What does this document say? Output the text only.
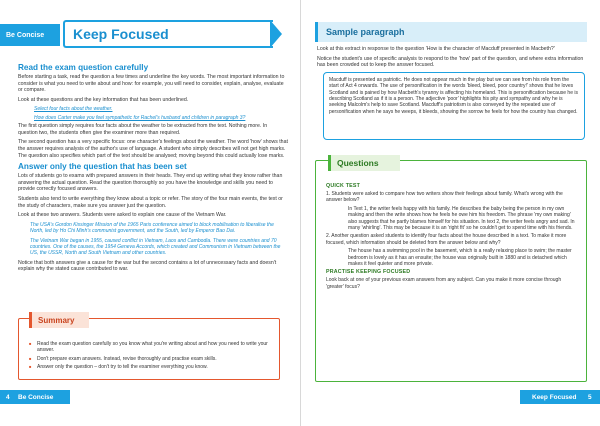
Be Concise	Keep Focused
Read the exam question carefully

Before starting a task, read the question a few times and underline the key words. The most important information to consider is what you need to write about and how: for example, you will need to consider, explain, analyse, evaluate or compare.

Look at these questions and the key information that has been underlined.

Select four facts about the weather.

How does Carter make you feel sympathetic for Rachel's husband and children in paragraph 3?

The first question simply requires four facts about the weather to be extracted from the text. Nothing more. In question two, the students often give the examiner more than required.

The second question has a very specific focus: one character's feelings about the weather. The word 'how' shows that the answer requires analysis of the author's use of language. A student who simply describes will not get high marks. The question also specifies which part of the text should be analysed; moving beyond this could actually lose marks.

Answer only the question that has been set

Lots of students go to exams with prepared answers in their heads. They end up writing what they know rather than answering the actual question. Read the question thoroughly so you have the knowledge and skills you need to provide correctly focused answers.

Students also tend to write everything they know about a topic or refer. The story of the four main events, the text or the study of characters, make sure you answer just the question.

Look at these two answers. Students were asked to explain one cause of the Vietnam War.

The USA's Gordon Kissinger Mission of the 1965 Paris conference aimed to block mobilisation to liberalise the North, led by Ho Chi Minh's communist government, and the South, led by Emperor Bao Dai.

The Vietnam War began in 1955, caused conflict in Vietnam, Laos and Cambodia. There were countries and 70 countries. One of the causes, the 1954 Geneva Accords, which created and Communism in Vietnam between the US, the USSR, North and South Vietnam and other countries.

Notice that both answers give a cause for the war but the second contains a lot of unnecessary facts and doesn't explain why the stated cause contributed to war.

Summary
■ Read the exam question carefully so you know what you're writing about and how you need to write your answer.
■ Don't prepare exam answers. Instead, revise thoroughly and practise exam skills.
■ Answer only the question – don't try to tell the examiner everything you know.
4	Be Concise
Sample paragraph

Look at this extract in response to the question 'How is the character of Macduff presented in Macbeth?'

Notice the student's use of specific analysis to respond to the 'how' part of the question, and where extra information has been crowded out to keep the answer focused.

Macduff is presented as patriotic. He does not appear much in the play but we can see from his role from the start of Act 4 onwards. The use of personification in the words 'bleed, bleed, poor country!' shows that he loves Scotland and is pained by how Macbeth's tyranny is affecting his homeland. This is personification because he is describing Scotland as if it is a person. The adjective 'poor' highlights his pity and sympathy and why he is seeking Malcolm's help to save Scotland. Macduff's patriotism is also conveyed by the repeated use of personification when he says he weeps, it bleeds, showing the sorrow he feels for how the country has changed.

Questions
QUICK TEST

1. Students were asked to compare how two writers show their feelings about family. What's wrong with the answer below?

In Text 1, the writer feels happy with his family. He describes the baby being the person in my own making and then the write shows how he feels he owe him his freedom. The phrase 'my own making' also suggests that he partly blames himself for his situation. In text 2, the writer feels angry and sad. In many 'whirling'. This may be because it is an 'right fit' so he couldn't get to spend time with his friends.

2. Another question asked students to identify four facts about the house described in a text. To make it more focused, which information should be deleted from the answer below and why?

The house has a swimming pool in the basement, which is a really relaxing place to swim; the master bedroom is lovely as it has an ensuite; the house was originally built in 1880 and is detached which makes it feel quieter and more private.

PRACTISE KEEPING FOCUSED

Look back at one of your previous exam answers from any subject. Can you make it more concise through 'greater' focus?

Keep Focused	5
